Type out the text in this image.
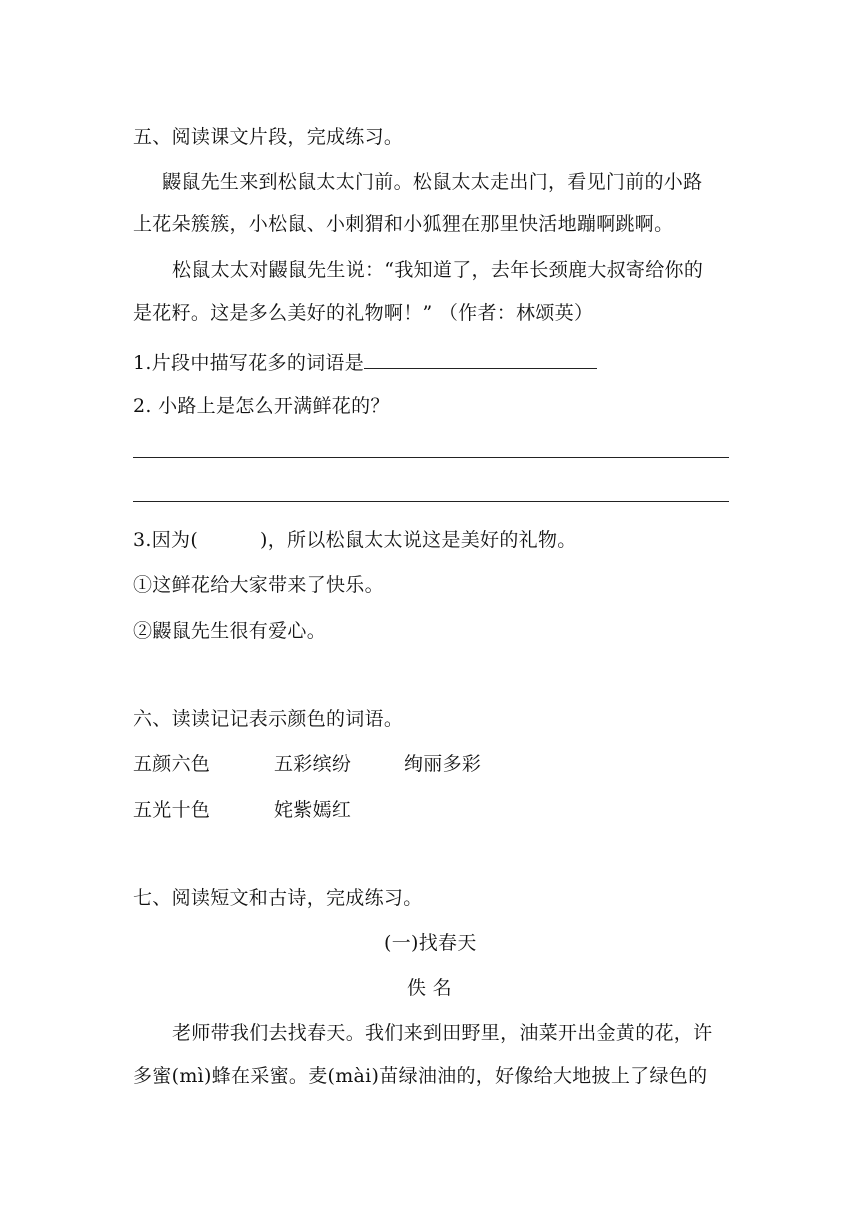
五、阅读课文片段，完成练习。
鼹鼠先生来到松鼠太太门前。松鼠太太走出门，看见门前的小路
上花朵簇簇，小松鼠、小刺猬和小狐狸在那里快活地蹦啊跳啊。
松鼠太太对鼹鼠先生说：“我知道了，去年长颈鹿大叔寄给你的
是花籽。这是多么美好的礼物啊！” （作者：林颂英）
1.片段中描写花多的词语是
2. 小路上是怎么开满鲜花的？
3.因为(	)，所以松鼠太太说这是美好的礼物。
①这鲜花给大家带来了快乐。
②鼹鼠先生很有爱心。
六、读读记记表示颜色的词语。
五颜六色	五彩缤纷	绚丽多彩
五光十色	姹紫嫣红
七、阅读短文和古诗，完成练习。
(一)找春天
佚 名
老师带我们去找春天。我们来到田野里，油菜开出金黄的花，许
多蜜(mì)蜂在采蜜。麦(mài)苗绿油油的，好像给大地披上了绿色的
